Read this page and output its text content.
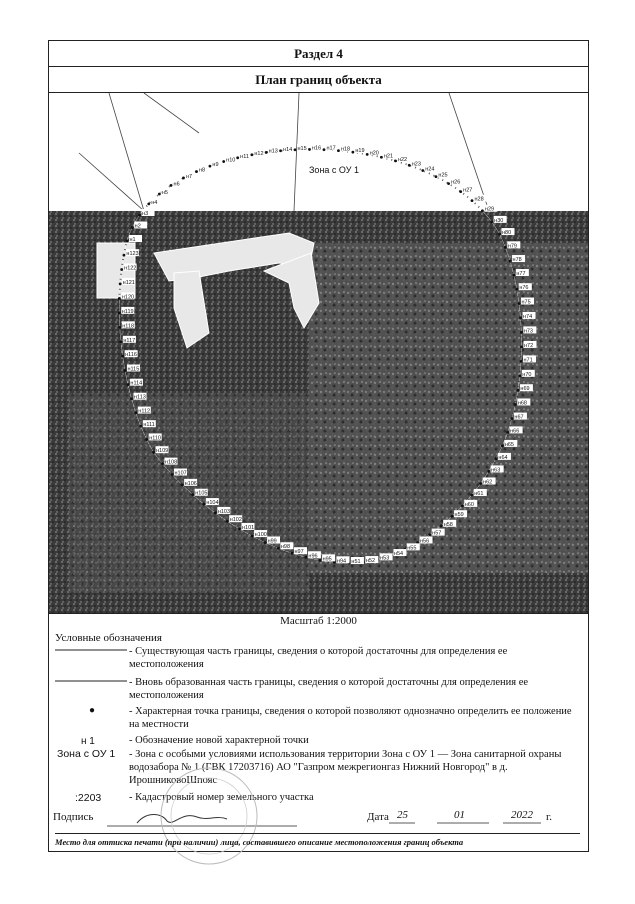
Раздел 4
План границ объекта
н1
н2
н3
н4
н5
н6
н7
н8
н9
н10
н11
н12 н13 н14 н15 н16 н17 н18 н19 н20 н21
н22
н23
н24
н25
н26
н27
н28
н29
н30
н80
н79
н78
н77
н76
н75
н74
н73
н72
н71
н70
н69
н68
н67
н66
н65
н64
н63
н62
н61
н60
н59
н58
н57
н56
н55
н54
н53
н52
н51
н94
н95
н96
н97
н98
н99
н100
н101
н102
н103
н104
н105
н106
н107
н108
н109
н110
н111
н112
н113
н114
н115
н116
н117
н118
н119
н120
н121
н122
н123
Зона с ОУ 1
Масштаб 1:2000
Условные обозначения
- Существующая часть границы, сведения о которой достаточны для определения ее местоположения
- Вновь образованная часть границы, сведения о которой достаточны для определения ее местоположения
●	- Характерная точка границы, сведения о которой позволяют однозначно определить ее положение на местности
н 1	- Обозначение новой характерной точки
Зона с ОУ 1 - Зона с особыми условиями использования территории Зона с ОУ 1 — Зона санитарной охраны водозабора № 1 (ГВК 17203716) АО "Газпром межрегионгаз Нижний Новгород" в д. ИрошниковоШпояс
:2203	- Кадастровый номер земельного участка
Подпись	Дата 25	01	2022 г.
Место для оттиска печати (при наличии) лица, составившего описание местоположения границ объекта
